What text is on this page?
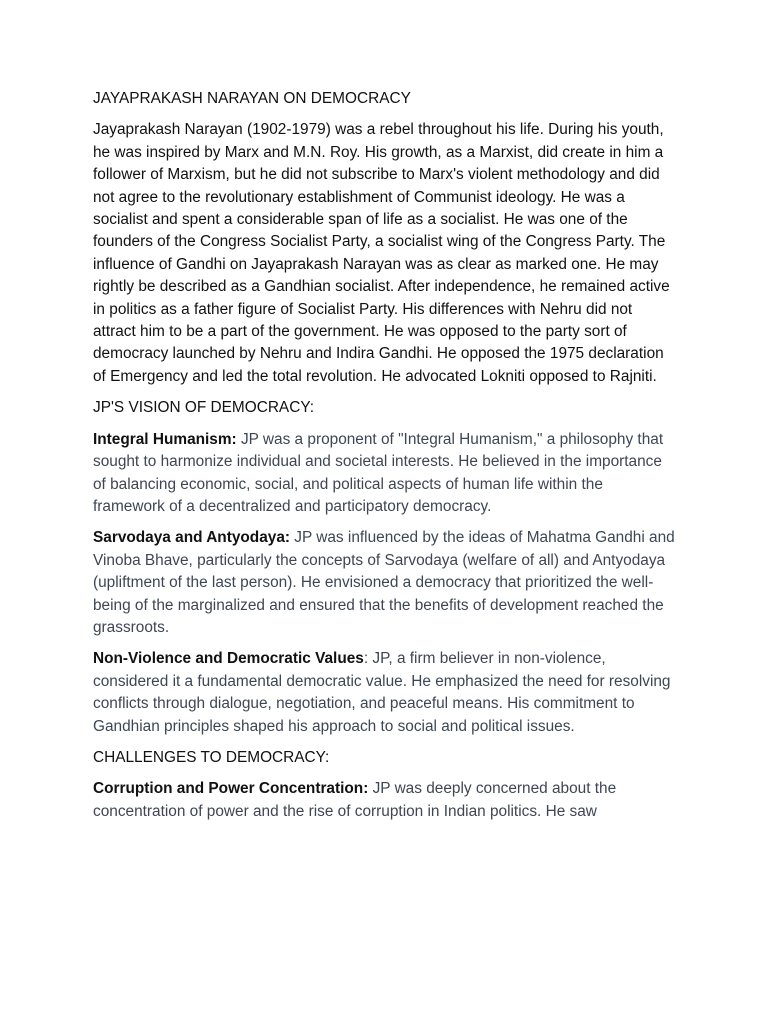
JAYAPRAKASH NARAYAN ON DEMOCRACY

Jayaprakash Narayan (1902-1979) was a rebel throughout his life. During his youth, he was inspired by Marx and M.N. Roy. His growth, as a Marxist, did create in him a follower of Marxism, but he did not subscribe to Marx's violent methodology and did not agree to the revolutionary establishment of Communist ideology. He was a socialist and spent a considerable span of life as a socialist. He was one of the founders of the Congress Socialist Party, a socialist wing of the Congress Party. The influence of Gandhi on Jayaprakash Narayan was as clear as marked one. He may rightly be described as a Gandhian socialist. After independence, he remained active in politics as a father figure of Socialist Party. His differences with Nehru did not attract him to be a part of the government. He was opposed to the party sort of democracy launched by Nehru and Indira Gandhi. He opposed the 1975 declaration of Emergency and led the total revolution. He advocated Lokniti opposed to Rajniti.

JP'S VISION OF DEMOCRACY:

Integral Humanism: JP was a proponent of "Integral Humanism," a philosophy that sought to harmonize individual and societal interests. He believed in the importance of balancing economic, social, and political aspects of human life within the framework of a decentralized and participatory democracy.

Sarvodaya and Antyodaya: JP was influenced by the ideas of Mahatma Gandhi and Vinoba Bhave, particularly the concepts of Sarvodaya (welfare of all) and Antyodaya (upliftment of the last person). He envisioned a democracy that prioritized the well-being of the marginalized and ensured that the benefits of development reached the grassroots.

Non-Violence and Democratic Values: JP, a firm believer in non-violence, considered it a fundamental democratic value. He emphasized the need for resolving conflicts through dialogue, negotiation, and peaceful means. His commitment to Gandhian principles shaped his approach to social and political issues.

CHALLENGES TO DEMOCRACY:

Corruption and Power Concentration: JP was deeply concerned about the concentration of power and the rise of corruption in Indian politics. He saw
